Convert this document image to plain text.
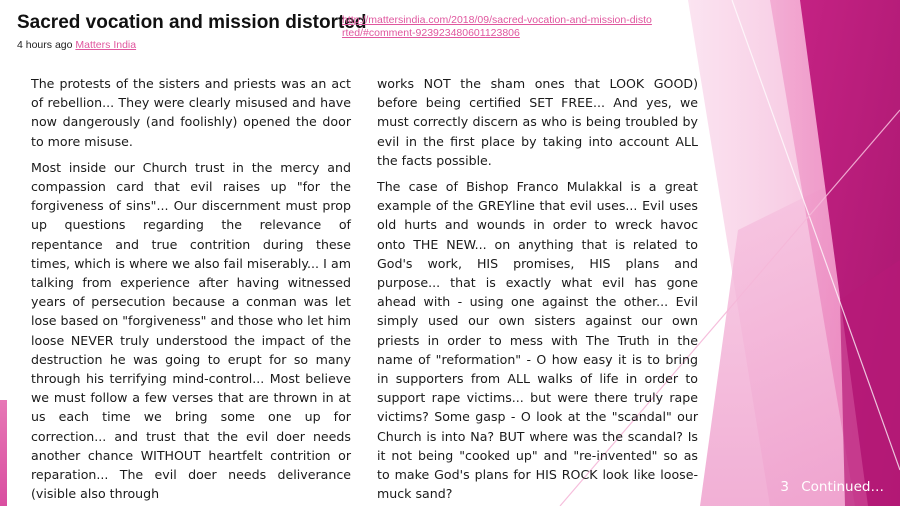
Sacred vocation and mission distorted
4 hours ago Matters India
http://mattersindia.com/2018/09/sacred-vocation-and-mission-distorted/#comment-923923480601123806

The protests of the sisters and priests was an act of rebellion... They were clearly misused and have now dangerously (and foolishly) opened the door to more misuse.

Most inside our Church trust in the mercy and compassion card that evil raises up "for the forgiveness of sins"... Our discernment must prop up questions regarding the relevance of repentance and true contrition during these times, which is where we also fail miserably... I am talking from experience after having witnessed years of persecution because a conman was let lose based on "forgiveness" and those who let him loose NEVER truly understood the impact of the destruction he was going to erupt for so many through his terrifying mind-control... Most believe we must follow a few verses that are thrown in at us each time we bring some one up for correction... and trust that the evil doer needs another chance WITHOUT heartfelt contrition or reparation... The evil doer needs deliverance (visible also through

works NOT the sham ones that LOOK GOOD) before being certified SET FREE... And yes, we must correctly discern as who is being troubled by evil in the first place by taking into account ALL the facts possible.

The case of Bishop Franco Mulakkal is a great example of the GREYline that evil uses... Evil uses old hurts and wounds in order to wreck havoc onto THE NEW... on anything that is related to God's work, HIS promises, HIS plans and purpose... that is exactly what evil has gone ahead with - using one against the other... Evil simply used our own sisters against our own priests in order to mess with The Truth in the name of "reformation" - O how easy it is to bring in supporters from ALL walks of life in order to support rape victims... but were there truly rape victims? Some gasp - O look at the "scandal" our Church is into Na? BUT where was the scandal? Is it not being "cooked up" and "re-invented" so as to make God's plans for HIS ROCK look like loose-muck sand?	3 Continued…
